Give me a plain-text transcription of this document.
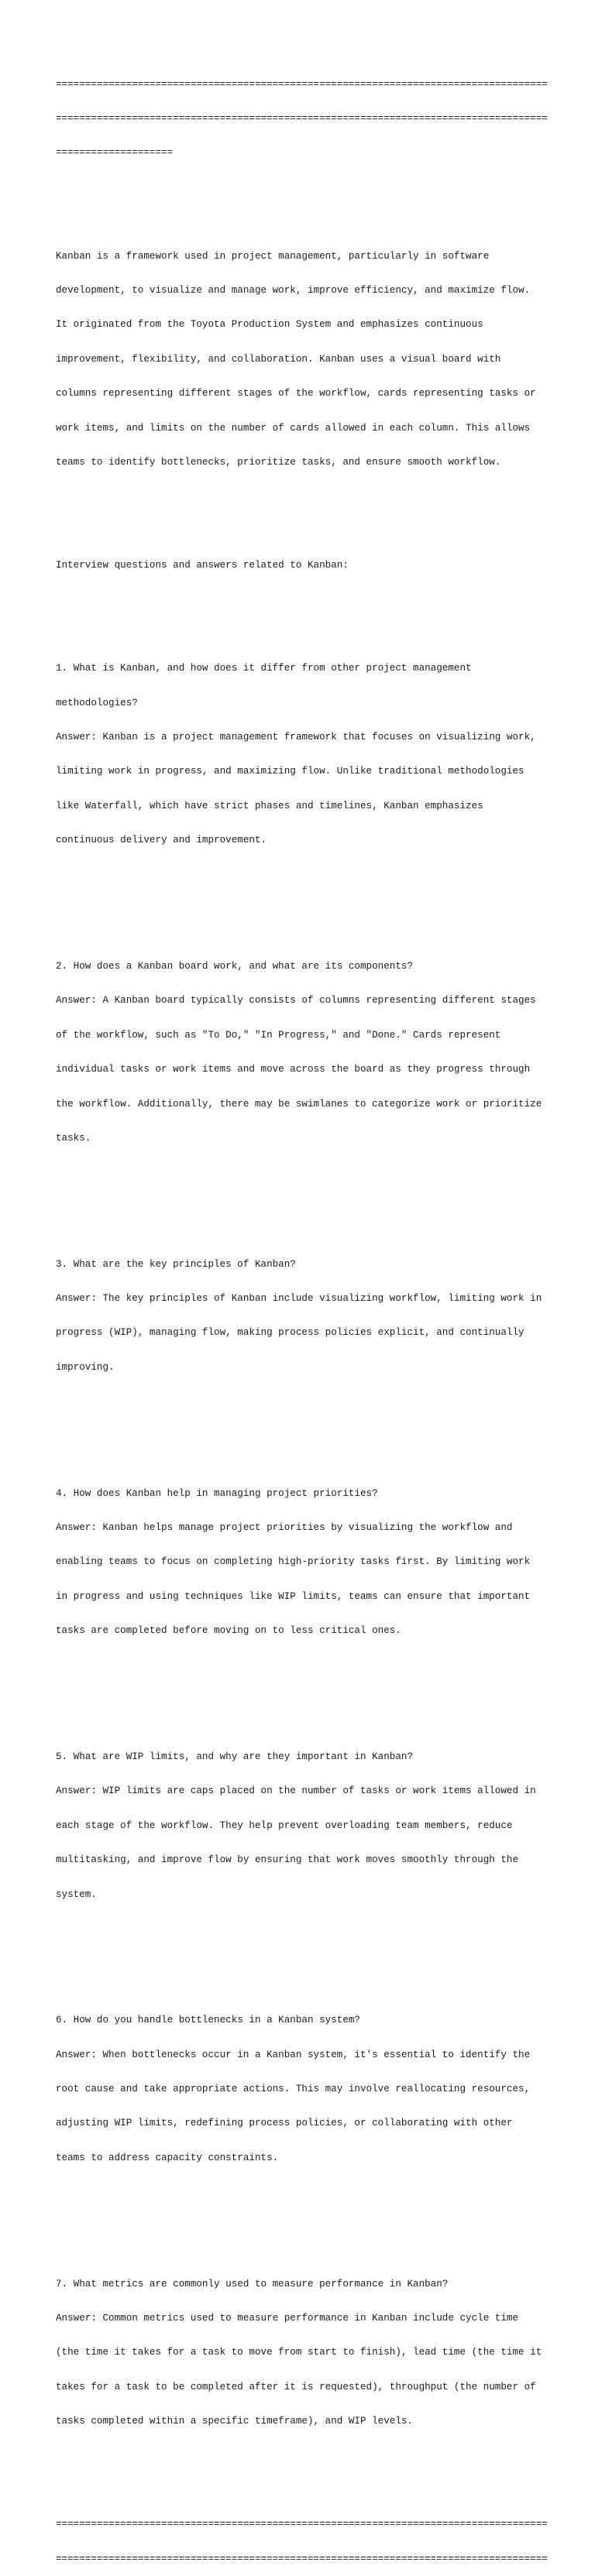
====================================================================================

====================================================================================

====================

Kanban is a framework used in project management, particularly in software

development, to visualize and manage work, improve efficiency, and maximize flow.

It originated from the Toyota Production System and emphasizes continuous

improvement, flexibility, and collaboration. Kanban uses a visual board with

columns representing different stages of the workflow, cards representing tasks or

work items, and limits on the number of cards allowed in each column. This allows

teams to identify bottlenecks, prioritize tasks, and ensure smooth workflow.

Interview questions and answers related to Kanban:

1. What is Kanban, and how does it differ from other project management

methodologies?

Answer: Kanban is a project management framework that focuses on visualizing work,

limiting work in progress, and maximizing flow. Unlike traditional methodologies

like Waterfall, which have strict phases and timelines, Kanban emphasizes

continuous delivery and improvement.

2. How does a Kanban board work, and what are its components?

Answer: A Kanban board typically consists of columns representing different stages

of the workflow, such as "To Do," "In Progress," and "Done." Cards represent

individual tasks or work items and move across the board as they progress through

the workflow. Additionally, there may be swimlanes to categorize work or prioritize

tasks.

3. What are the key principles of Kanban?

Answer: The key principles of Kanban include visualizing workflow, limiting work in

progress (WIP), managing flow, making process policies explicit, and continually

improving.

4. How does Kanban help in managing project priorities?

Answer: Kanban helps manage project priorities by visualizing the workflow and

enabling teams to focus on completing high-priority tasks first. By limiting work

in progress and using techniques like WIP limits, teams can ensure that important

tasks are completed before moving on to less critical ones.

5. What are WIP limits, and why are they important in Kanban?

Answer: WIP limits are caps placed on the number of tasks or work items allowed in

each stage of the workflow. They help prevent overloading team members, reduce

multitasking, and improve flow by ensuring that work moves smoothly through the

system.

6. How do you handle bottlenecks in a Kanban system?

Answer: When bottlenecks occur in a Kanban system, it's essential to identify the

root cause and take appropriate actions. This may involve reallocating resources,

adjusting WIP limits, redefining process policies, or collaborating with other

teams to address capacity constraints.

7. What metrics are commonly used to measure performance in Kanban?

Answer: Common metrics used to measure performance in Kanban include cycle time

(the time it takes for a task to move from start to finish), lead time (the time it

takes for a task to be completed after it is requested), throughput (the number of

tasks completed within a specific timeframe), and WIP levels.

====================================================================================

====================================================================================
